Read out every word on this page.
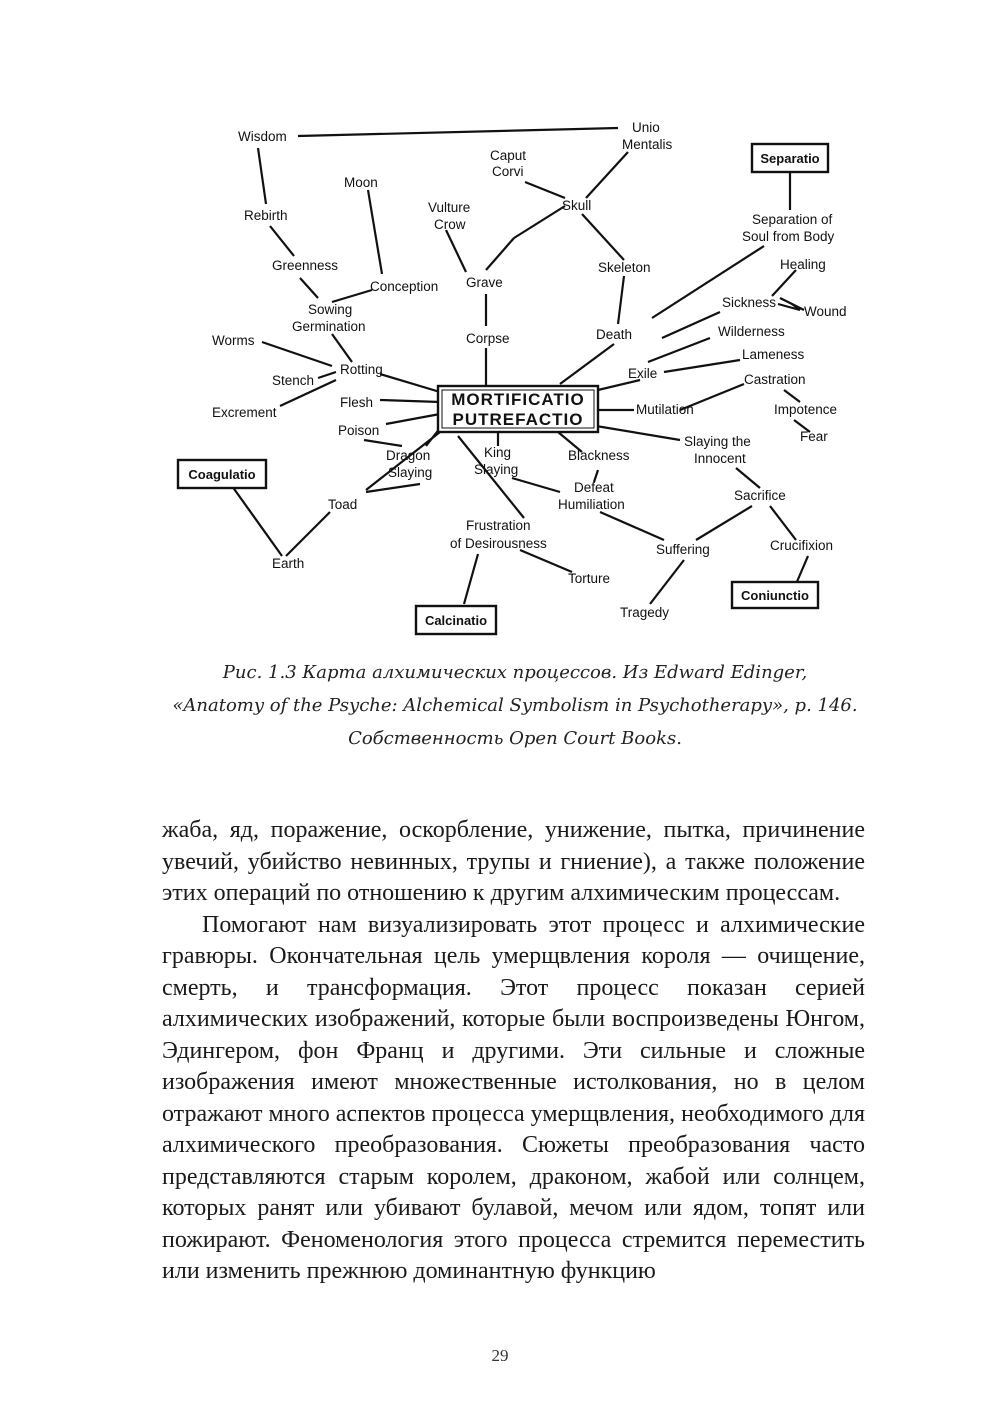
MORTIFICATIO
PUTREFACTIO
Separatio
Coagulatio
Calcinatio
Coniunctio
Wisdom
Unio
Mentalis
Caput
Corvi
Moon
Rebirth
Vulture
Crow
Skull
Separation of
Soul from Body
Greenness	Skeleton	Healing
Conception Grave
Sickness
Wound
Sowing
Germination	Wilderness
Death
Worms	Corpse
Lameness
Rotting
Stench	Exile	Castration
Flesh
Excrement	Mutilation	Impotence
Poison	Fear
Dragon
Slaying
King
Slaying
Blackness
Slaying the
Innocent
Defeat
Humiliation
Toad
Sacrifice
Frustration
of Desirousness	Suffering	Crucifixion
Earth
Torture
Tragedy
Рис. 1.3 Карта алхимических процессов. Из Edward Edinger,
«Anatomy of the Psyche: Alchemical Symbolism in Psychotherapy», p. 146.
Собственность Open Court Books.

жаба, яд, поражение, оскорбление, унижение, пытка, причинение увечий, убийство невинных, трупы и гниение), а также положение этих операций по отношению к другим алхимическим процессам.

Помогают нам визуализировать этот процесс и алхимические гравюры. Окончательная цель умерщвления короля — очищение, смерть, и трансформация. Этот процесс показан серией алхимических изображений, которые были воспроизведены Юнгом, Эдингером, фон Франц и другими. Эти сильные и сложные изображения имеют множественные истолкования, но в целом отражают много аспектов процесса умерщвления, необходимого для алхимического преобразования. Сюжеты преобразования часто представляются старым королем, драконом, жабой или солнцем, которых ранят или убивают булавой, мечом или ядом, топят или пожирают. Феноменология этого процесса стремится переместить или изменить прежнюю доминантную функцию

29
